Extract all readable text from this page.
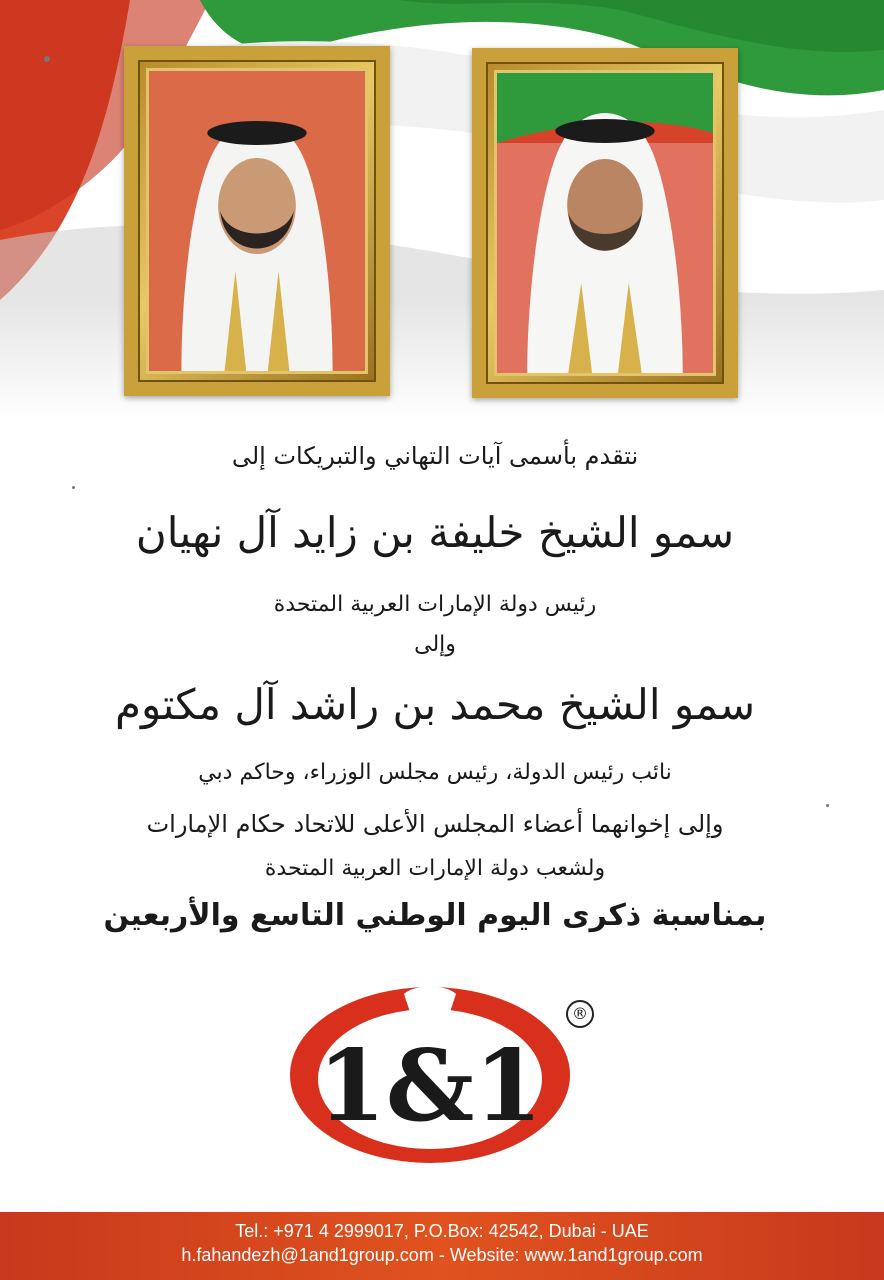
نتقدم بأسمى آيات التهاني والتبريكات إلى
سمو الشيخ خليفة بن زايد آل نهيان
رئيس دولة الإمارات العربية المتحدة
وإلى
سمو الشيخ محمد بن راشد آل مكتوم
نائب رئيس الدولة، رئيس مجلس الوزراء، وحاكم دبي
وإلى إخوانهما أعضاء المجلس الأعلى للاتحاد حكام الإمارات
ولشعب دولة الإمارات العربية المتحدة
بمناسبة ذكرى اليوم الوطني التاسع والأربعين
1&1
®
Tel.: +971 4 2999017, P.O.Box: 42542, Dubai - UAE
h.fahandezh@1and1group.com - Website: www.1and1group.com
